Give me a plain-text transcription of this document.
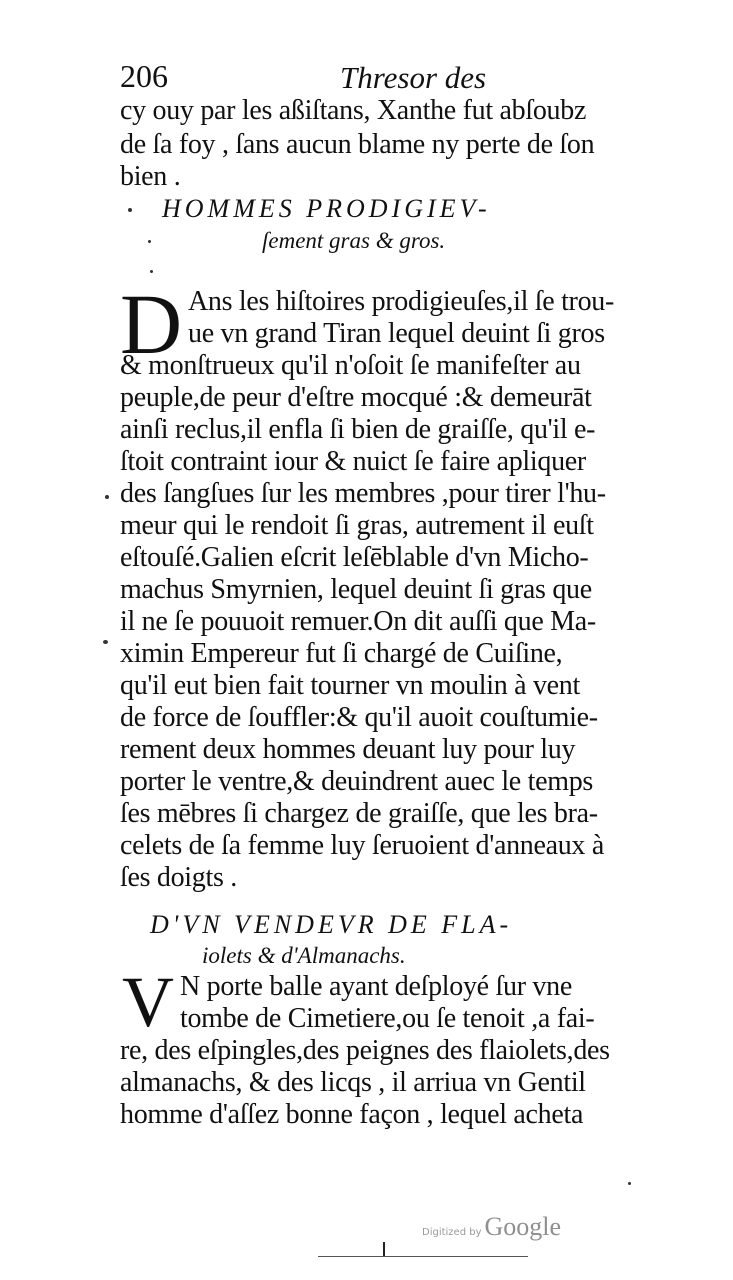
206	Thresor des
cy ouy par les aßiſtans, Xanthe fut abſoubz
de ſa foy , ſans aucun blame ny perte de ſon
bien .
HOMMES PRODIGIEV-
ſement gras & gros.
D Ans les hiſtoires prodigieuſes,il ſe trou-
ue vn grand Tiran lequel deuint ſi gros
& monſtrueux qu'il n'oſoit ſe manifeſter au
peuple,de peur d'eſtre mocqué :& demeurāt
ainſi reclus,il enfla ſi bien de graiſſe, qu'il e-
ſtoit contraint iour & nuict ſe faire apliquer
des ſangſues ſur les membres ,pour tirer l'hu-
meur qui le rendoit ſi gras, autrement il euſt
eſtouſé.Galien eſcrit leſēblable d'vn Micho-
machus Smyrnien, lequel deuint ſi gras que
il ne ſe pouuoit remuer.On dit auſſi que Ma-
ximin Empereur fut ſi chargé de Cuiſine,
qu'il eut bien fait tourner vn moulin à vent
de force de ſouffler:& qu'il auoit couſtumie-
rement deux hommes deuant luy pour luy
porter le ventre,& deuindrent auec le temps
ſes mēbres ſi chargez de graiſſe, que les bra-
celets de ſa femme luy ſeruoient d'anneaux à
ſes doigts .
D'VN VENDEVR DE FLA-
iolets & d'Almanachs.
V N porte balle ayant deſployé ſur vne
tombe de Cimetiere,ou ſe tenoit ,a fai-
re, des eſpingles,des peignes des flaiolets,des
almanachs, & des licqs , il arriua vn Gentil
homme d'aſſez bonne façon , lequel acheta
Digitized by Google
